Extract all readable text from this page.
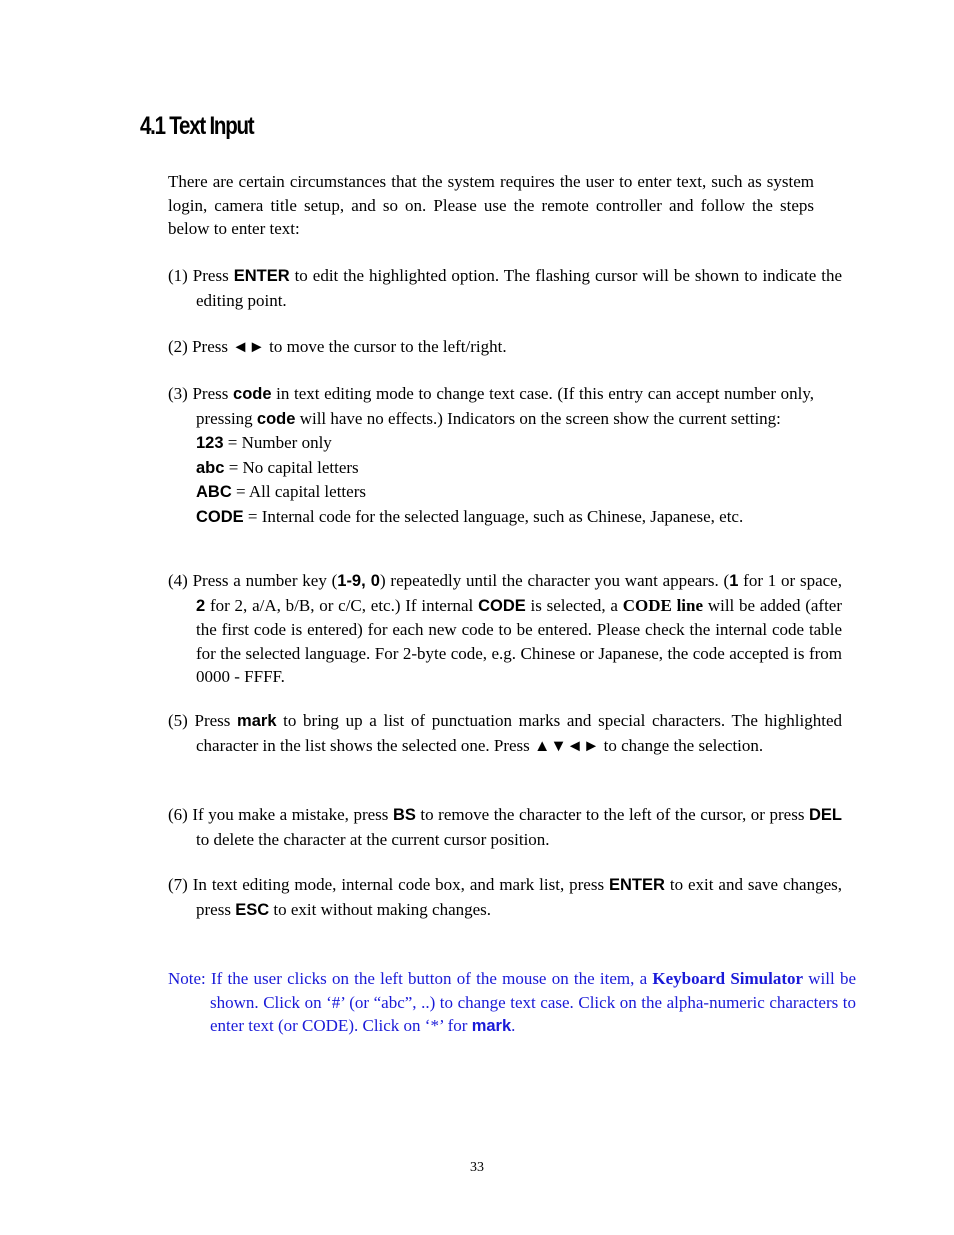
4.1 Text Input

There are certain circumstances that the system requires the user to enter text, such as system login, camera title setup, and so on. Please use the remote controller and follow the steps below to enter text:

(1) Press ENTER to edit the highlighted option. The flashing cursor will be shown to indicate the editing point.

(2) Press ◄► to move the cursor to the left/right.

(3) Press code in text editing mode to change text case. (If this entry can accept number only, pressing code will have no effects.) Indicators on the screen show the current setting:
123 = Number only
abc = No capital letters
ABC = All capital letters
CODE = Internal code for the selected language, such as Chinese, Japanese, etc.

(4) Press a number key (1-9, 0) repeatedly until the character you want appears. (1 for 1 or space, 2 for 2, a/A, b/B, or c/C, etc.) If internal CODE is selected, a CODE line will be added (after the first code is entered) for each new code to be entered. Please check the internal code table for the selected language. For 2-byte code, e.g. Chinese or Japanese, the code accepted is from 0000 - FFFF.

(5) Press mark to bring up a list of punctuation marks and special characters. The highlighted character in the list shows the selected one. Press ▲▼◄► to change the selection.

(6) If you make a mistake, press BS to remove the character to the left of the cursor, or press DEL to delete the character at the current cursor position.

(7) In text editing mode, internal code box, and mark list, press ENTER to exit and save changes, press ESC to exit without making changes.

Note: If the user clicks on the left button of the mouse on the item, a Keyboard Simulator will be shown. Click on ‘#’ (or “abc”, ..) to change text case. Click on the alpha-numeric characters to enter text (or CODE). Click on ‘*’ for mark.

33
